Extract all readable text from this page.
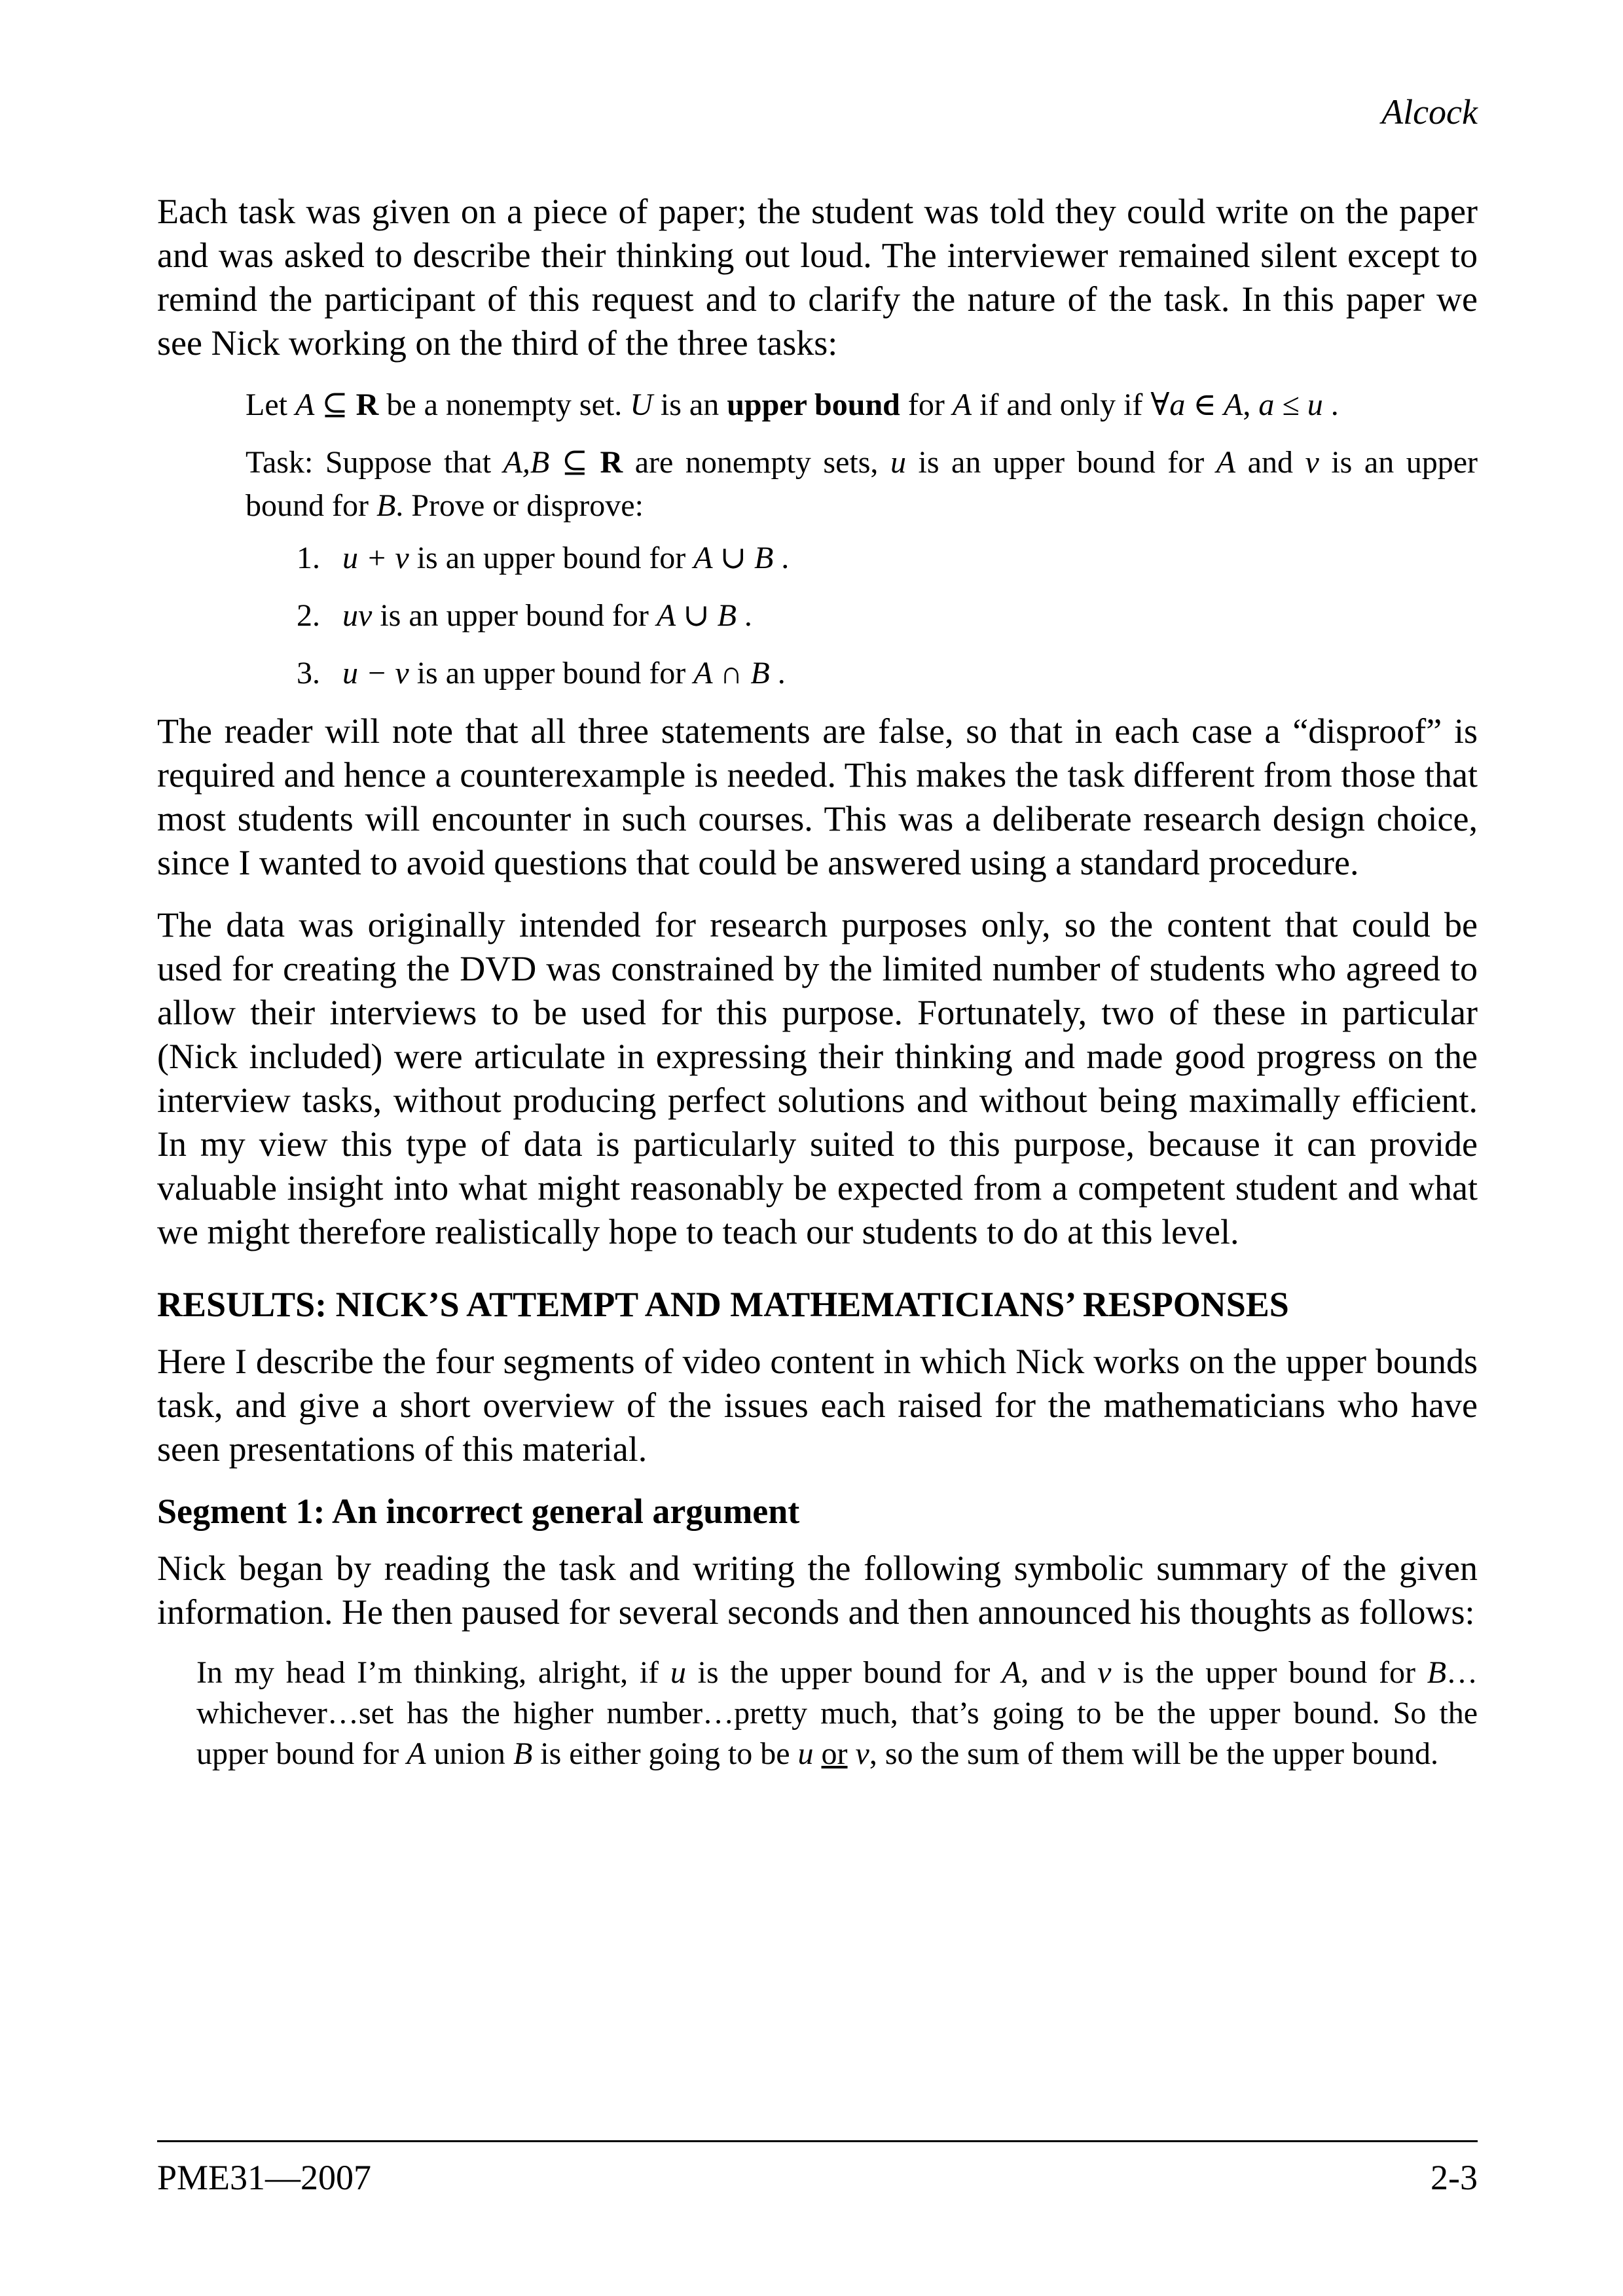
Alcock

Each task was given on a piece of paper; the student was told they could write on the paper and was asked to describe their thinking out loud. The interviewer remained silent except to remind the participant of this request and to clarify the nature of the task. In this paper we see Nick working on the third of the three tasks:

Let A ⊆ R be a nonempty set. U is an upper bound for A if and only if ∀a ∈ A, a ≤ u .

Task: Suppose that A,B ⊆ R are nonempty sets, u is an upper bound for A and v is an upper bound for B. Prove or disprove:

1. u + v is an upper bound for A ∪ B .
2. uv is an upper bound for A ∪ B .
3. u − v is an upper bound for A ∩ B .

The reader will note that all three statements are false, so that in each case a “disproof” is required and hence a counterexample is needed. This makes the task different from those that most students will encounter in such courses. This was a deliberate research design choice, since I wanted to avoid questions that could be answered using a standard procedure.

The data was originally intended for research purposes only, so the content that could be used for creating the DVD was constrained by the limited number of students who agreed to allow their interviews to be used for this purpose. Fortunately, two of these in particular (Nick included) were articulate in expressing their thinking and made good progress on the interview tasks, without producing perfect solutions and without being maximally efficient. In my view this type of data is particularly suited to this purpose, because it can provide valuable insight into what might reasonably be expected from a competent student and what we might therefore realistically hope to teach our students to do at this level.

RESULTS: NICK’S ATTEMPT AND MATHEMATICIANS’ RESPONSES

Here I describe the four segments of video content in which Nick works on the upper bounds task, and give a short overview of the issues each raised for the mathematicians who have seen presentations of this material.

Segment 1: An incorrect general argument

Nick began by reading the task and writing the following symbolic summary of the given information. He then paused for several seconds and then announced his thoughts as follows:

In my head I’m thinking, alright, if u is the upper bound for A, and v is the upper bound for B…whichever…set has the higher number…pretty much, that’s going to be the upper bound. So the upper bound for A union B is either going to be u or v, so the sum of them will be the upper bound.

PME31—2007	2-3
